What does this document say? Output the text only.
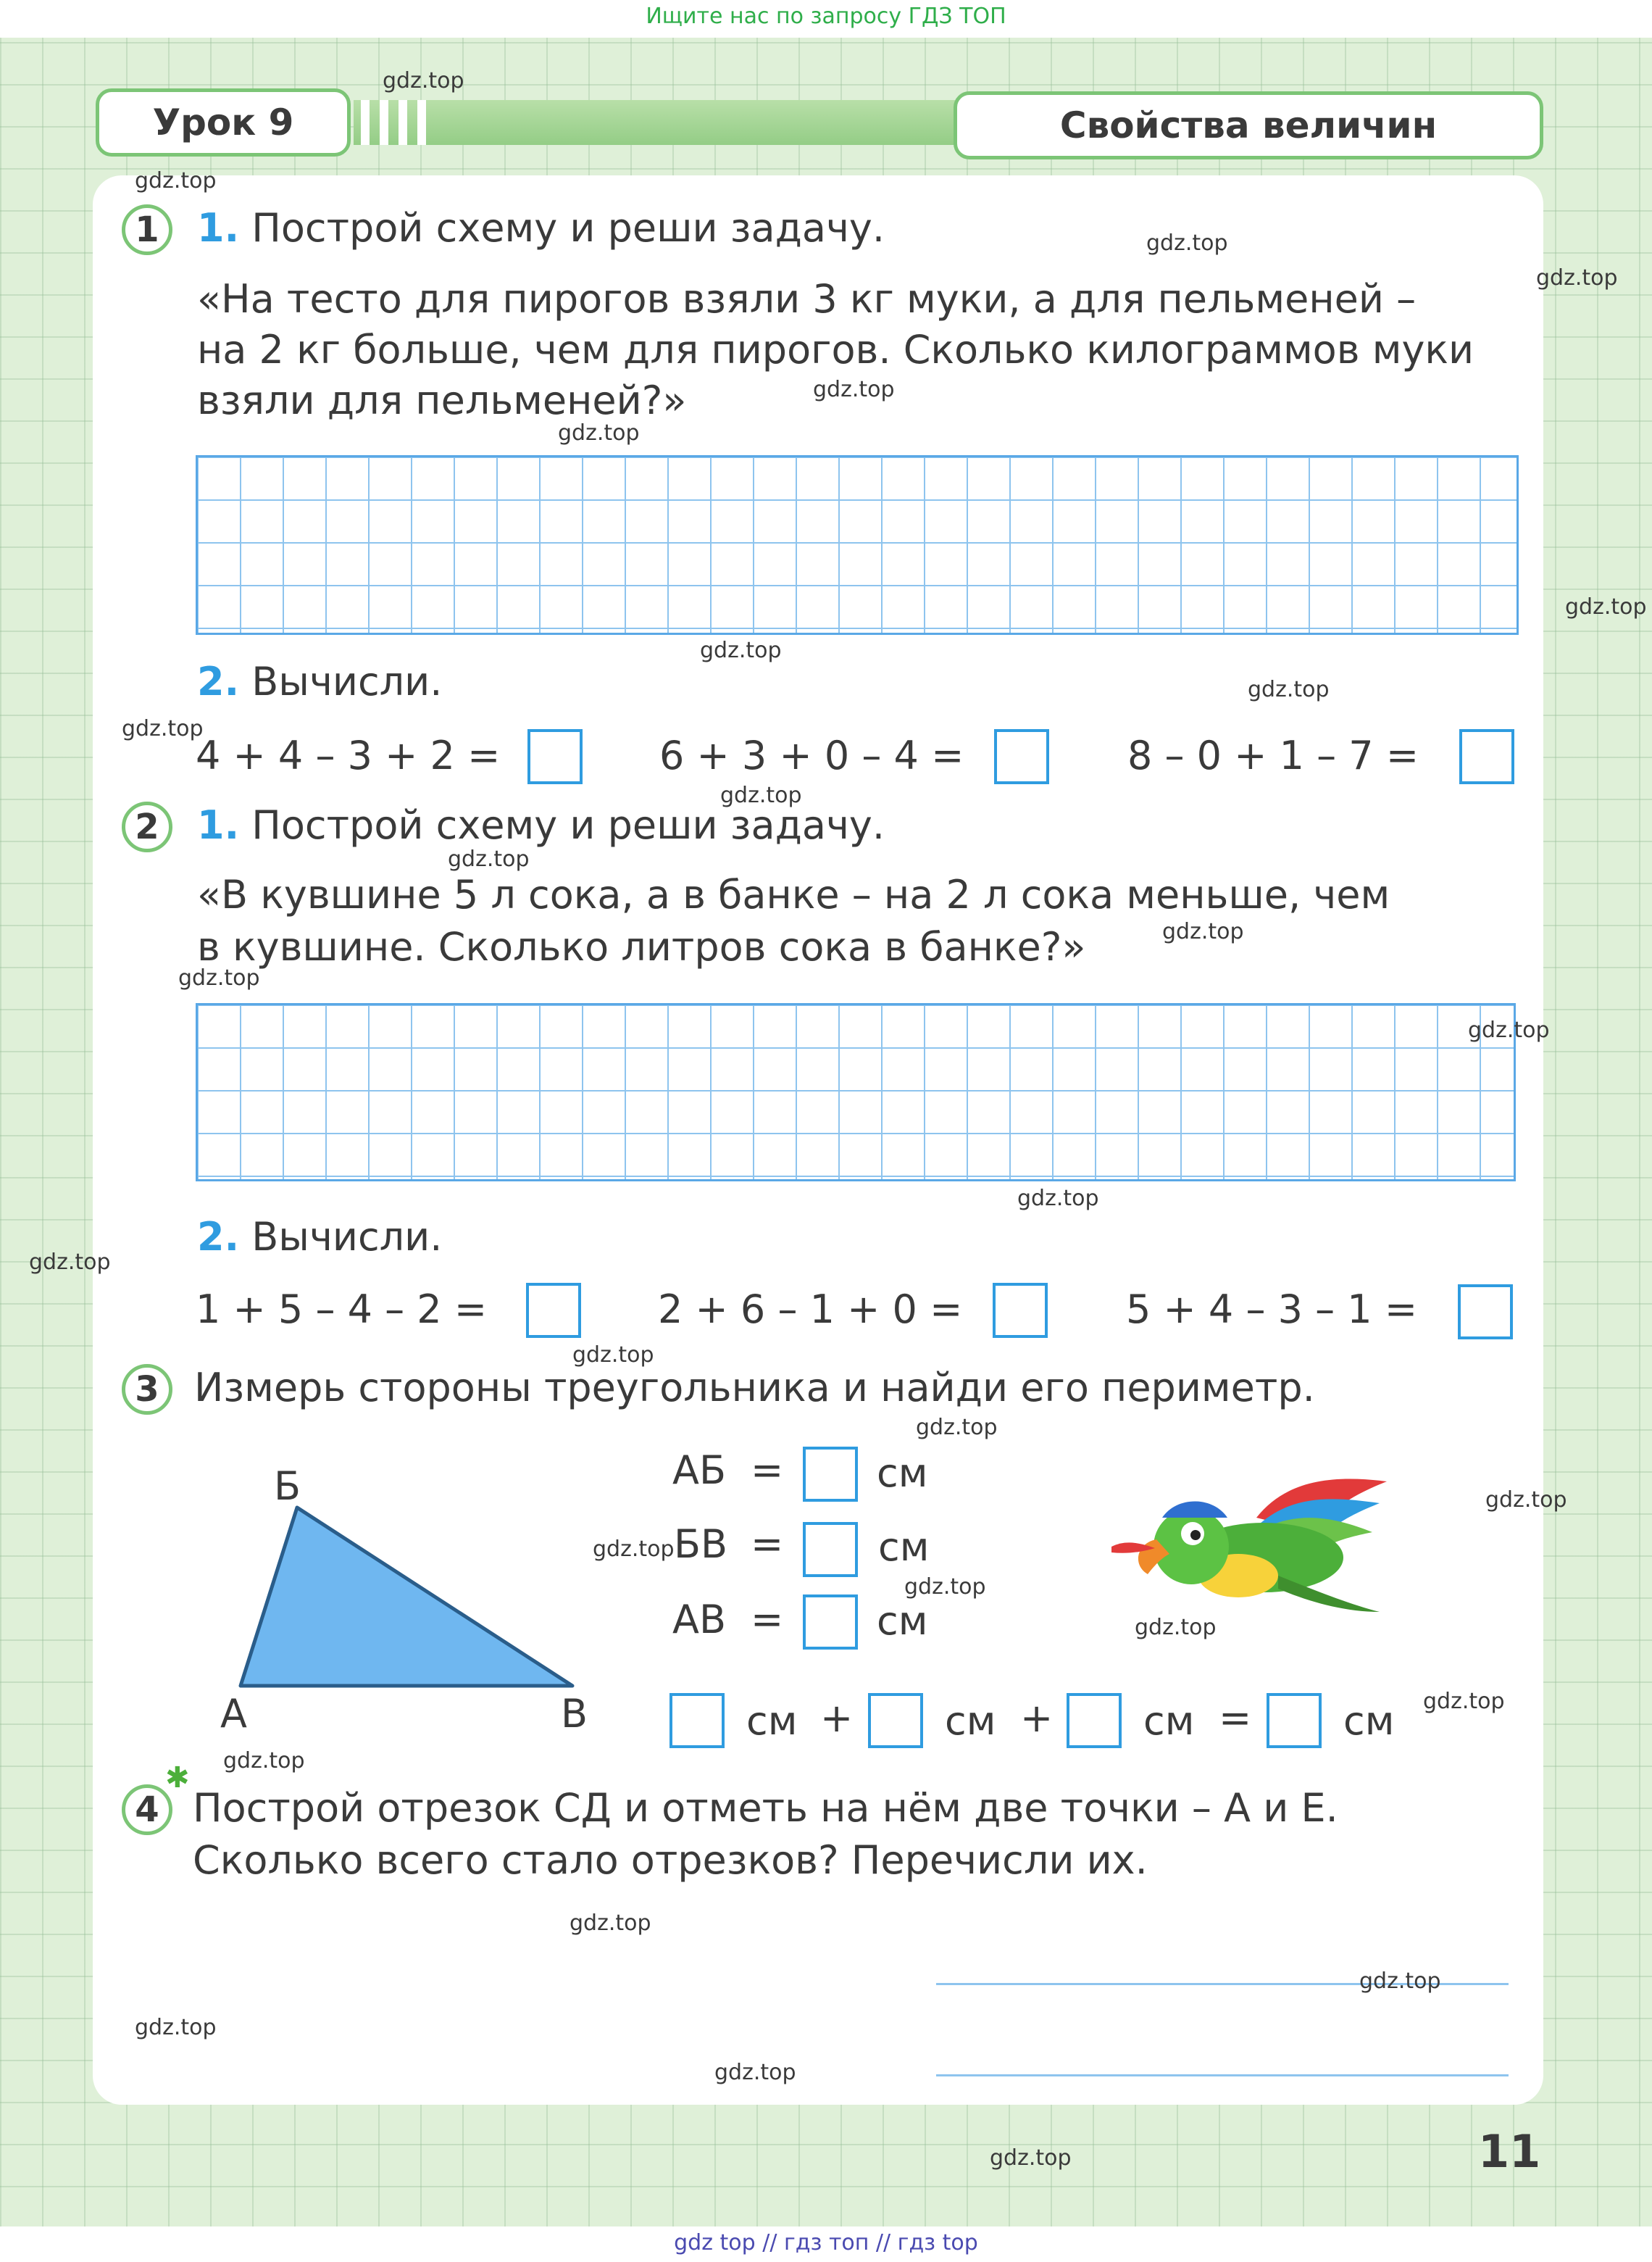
Ищите нас по запросу ГДЗ ТОП
gdz top // гдз топ // гдз top
Урок 9	Свойства величин
1 1. Построй схему и реши задачу.
«На тесто для пирогов взяли 3 кг муки, а для пельменей –
на 2 кг больше, чем для пирогов. Сколько килограммов муки
взяли для пельменей?»
2. Вычисли.
4 + 4 – 3 + 2 =	6 + 3 + 0 – 4 =	8 – 0 + 1 – 7 =
2 1. Построй схему и реши задачу.
«В кувшине 5 л сока, а в банке – на 2 л сока меньше, чем
в кувшине. Сколько литров сока в банке?»
2. Вычисли.
1 + 5 – 4 – 2 =	2 + 6 – 1 + 0 =	5 + 4 – 3 – 1 =
3 Измерь стороны треугольника и найди его периметр.
Б
А	В
АБ = см
БВ = см
АВ = см
см + см + см = см
✱
4 Построй отрезок СД и отметь на нём две точки – А и Е.
Сколько всего стало отрезков? Перечисли их.
11
gdz.top
gdz.top
gdz.top
gdz.top
gdz.top
gdz.top
gdz.top
gdz.top
gdz.top
gdz.top
gdz.top
gdz.top
gdz.top
gdz.top
gdz.top
gdz.top
gdz.top
gdz.top
gdz.top
gdz.top
gdz.top
gdz.top
gdz.top
gdz.top
gdz.top
gdz.top
gdz.top
gdz.top
gdz.top
gdz.top
